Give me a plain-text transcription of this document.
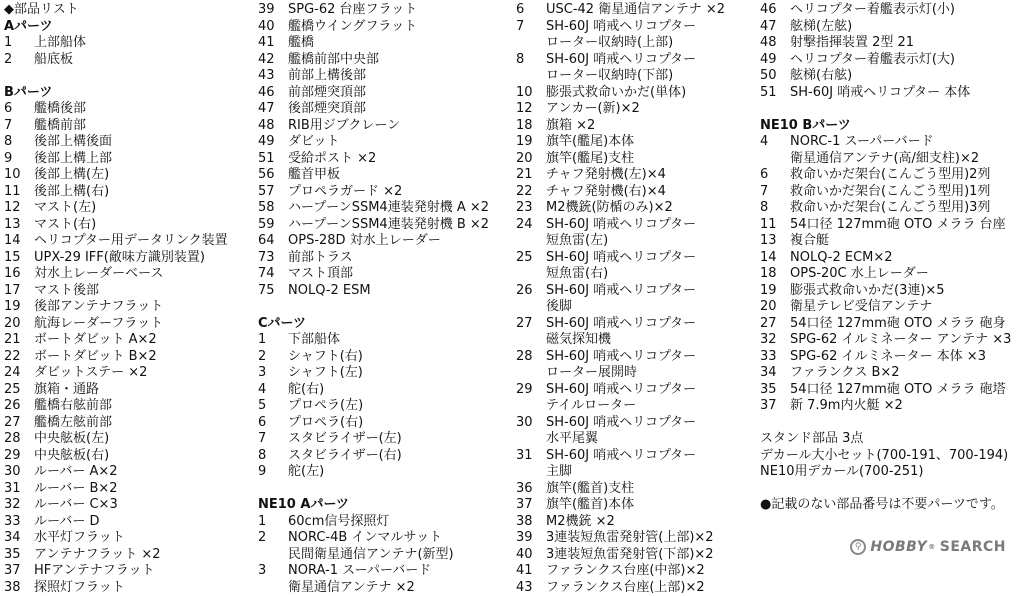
◆部品リスト
Aパーツ
1	上部船体
2	船底板
Bパーツ
6	艦橋後部
7	艦橋前部
8	後部上構後面
9	後部上構上部
10	後部上構(左)
11	後部上構(右)
12	マスト(左)
13	マスト(右)
14	ヘリコプター用データリンク装置
15	UPX-29 IFF(敵味方識別装置)
16	対水上レーダーベース
17	マスト後部
19	後部アンテナフラット
20	航海レーダーフラット
21	ボートダビット A×2
22	ボートダビット B×2
24	ダビットステー ×2
25	旗箱・通路
26	艦橋右舷前部
27	艦橋左舷前部
28	中央舷板(左)
29	中央舷板(右)
30	ルーバー A×2
31	ルーバー B×2
32	ルーバー C×3
33	ルーバー D
34	水平灯フラット
35	アンテナフラット ×2
37	HFアンテナフラット
38	探照灯フラット
39	SPG-62 台座フラット
40	艦橋ウイングフラット
41	艦橋
42	艦橋前部中央部
43	前部上構後部
46	前部煙突頂部
47	後部煙突頂部
48	RIB用ジブクレーン
49	ダビット
51	受給ポスト ×2
56	艦首甲板
57	プロペラガード ×2
58	ハープーンSSM4連装発射機 A ×2
59	ハープーンSSM4連装発射機 B ×2
64	OPS-28D 対水上レーダー
73	前部トラス
74	マスト頂部
75	NOLQ-2 ESM
Cパーツ
1	下部船体
2	シャフト(右)
3	シャフト(左)
4	舵(右)
5	プロペラ(左)
6	プロペラ(右)
7	スタビライザー(左)
8	スタビライザー(右)
9	舵(左)
NE10 Aパーツ
1	60cm信号探照灯
2	NORC-4B インマルサット
民間衛星通信アンテナ(新型)
3	NORA-1 スーパーバード
衛星通信アンテナ ×2
6	USC-42 衛星通信アンテナ ×2
7	SH-60J 哨戒ヘリコプター
ローター収納時(上部)
8	SH-60J 哨戒ヘリコプター
ローター収納時(下部)
10	膨張式救命いかだ(単体)
12	アンカー(新)×2
18	旗箱 ×2
19	旗竿(艦尾)本体
20	旗竿(艦尾)支柱
21	チャフ発射機(左)×4
22	チャフ発射機(右)×4
23	M2機銃(防楯のみ)×2
24	SH-60J 哨戒ヘリコプター
短魚雷(左)
25	SH-60J 哨戒ヘリコプター
短魚雷(右)
26	SH-60J 哨戒ヘリコプター
後脚
27	SH-60J 哨戒ヘリコプター
磁気探知機
28	SH-60J 哨戒ヘリコプター
ローター展開時
29	SH-60J 哨戒ヘリコプター
テイルローター
30	SH-60J 哨戒ヘリコプター
水平尾翼
31	SH-60J 哨戒ヘリコプター
主脚
36	旗竿(艦首)支柱
37	旗竿(艦首)本体
38	M2機銃 ×2
39	3連装短魚雷発射管(上部)×2
40	3連装短魚雷発射管(下部)×2
41	ファランクス台座(中部)×2
43	ファランクス台座(上部)×2
46	ヘリコプター着艦表示灯(小)
47	舷梯(左舷)
48	射撃指揮装置 2型 21
49	ヘリコプター着艦表示灯(大)
50	舷梯(右舷)
51	SH-60J 哨戒ヘリコプター 本体
NE10 Bパーツ
4	NORC-1 スーパーバード
衛星通信アンテナ(高/細支柱)×2
6	救命いかだ架台(こんごう型用)2列
7	救命いかだ架台(こんごう型用)1列
8	救命いかだ架台(こんごう型用)3列
11	54口径 127mm砲 OTO メララ 台座
13	複合艇
14	NOLQ-2 ECM×2
18	OPS-20C 水上レーダー
19	膨張式救命いかだ(3連)×5
20	衛星テレビ受信アンテナ
27	54口径 127mm砲 OTO メララ 砲身
32	SPG-62 イルミネーター アンテナ ×3
33	SPG-62 イルミネーター 本体 ×3
34	ファランクス B×2
35	54口径 127mm砲 OTO メララ 砲塔
37	新 7.9m内火艇 ×2
スタンド部品 3点
デカール大小セット(700-191、700-194)
NE10用デカール(700-251)
●記載のない部品番号は不要パーツです。
⚲ HOBBY ® SEARCH
